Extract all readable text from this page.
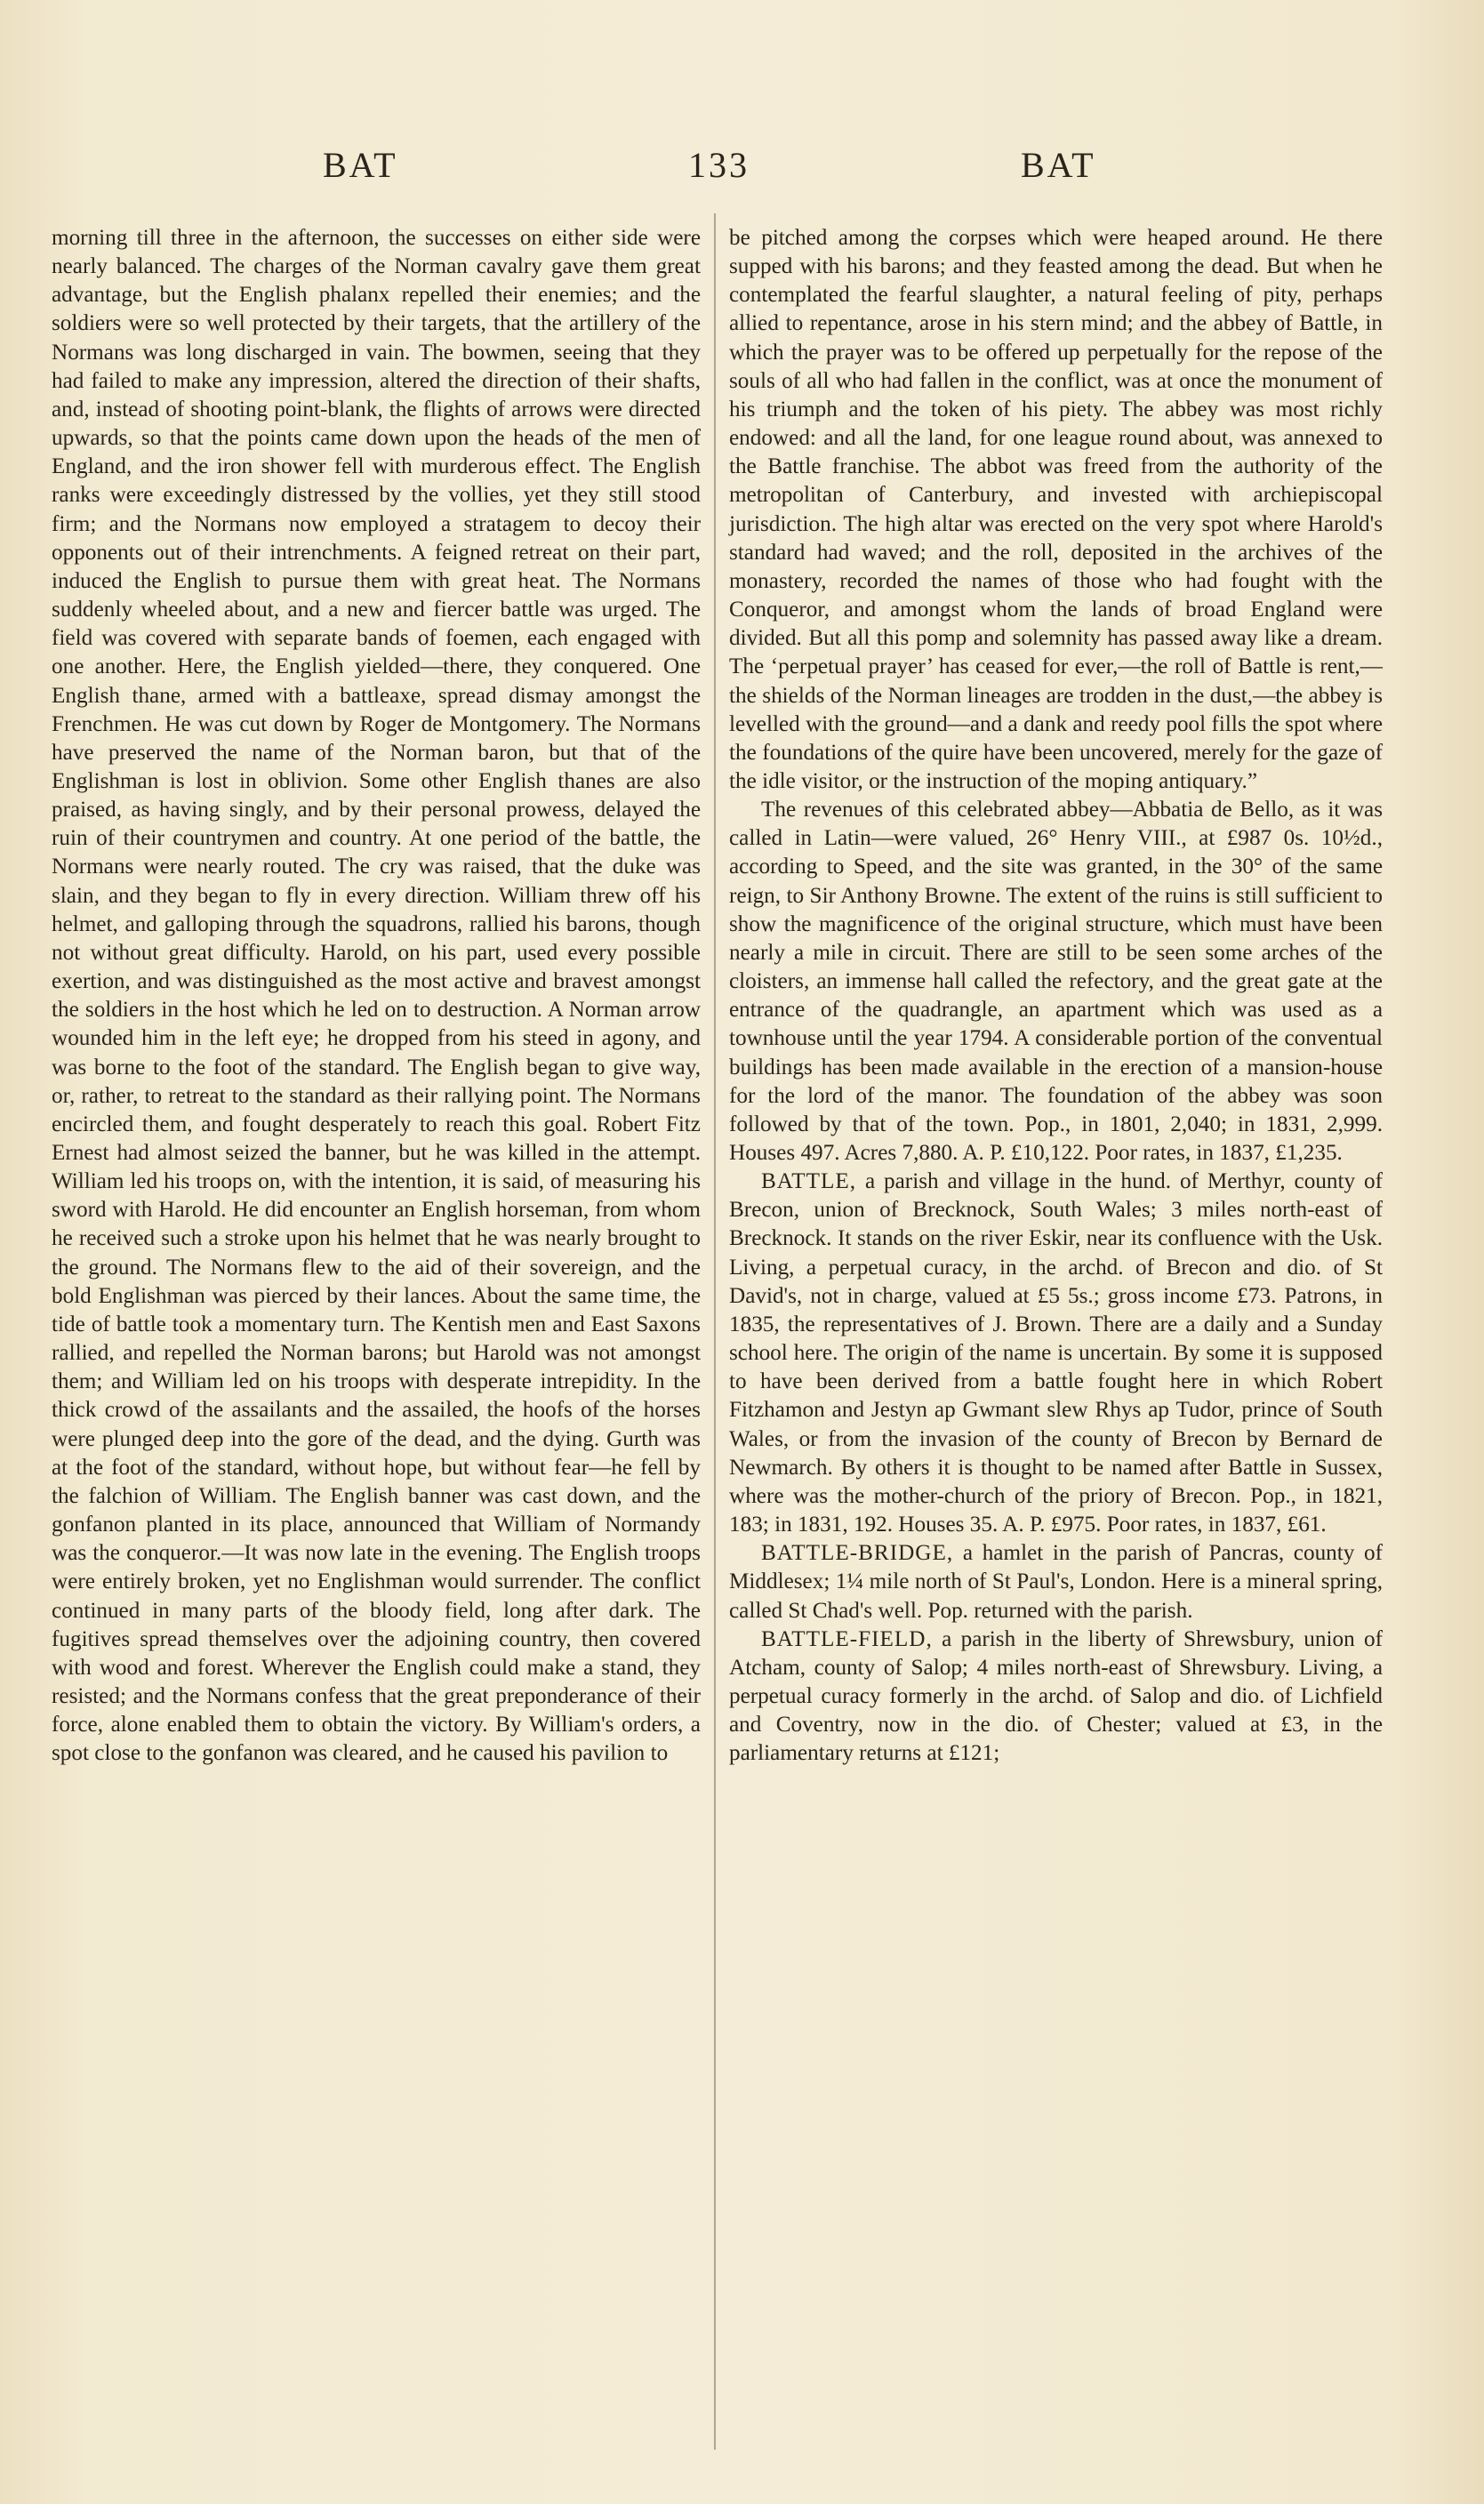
BAT	133	BAT

morning till three in the afternoon, the successes on either side were nearly balanced. The charges of the Norman cavalry gave them great advantage, but the English phalanx repelled their enemies; and the soldiers were so well protected by their targets, that the artillery of the Normans was long discharged in vain. The bowmen, seeing that they had failed to make any impression, altered the direction of their shafts, and, instead of shooting point-blank, the flights of arrows were directed upwards, so that the points came down upon the heads of the men of England, and the iron shower fell with murderous effect. The English ranks were exceedingly distressed by the vollies, yet they still stood firm; and the Normans now employed a stratagem to decoy their opponents out of their intrenchments. A feigned retreat on their part, induced the English to pursue them with great heat. The Normans suddenly wheeled about, and a new and fiercer battle was urged. The field was covered with separate bands of foemen, each engaged with one another. Here, the English yielded—there, they conquered. One English thane, armed with a battleaxe, spread dismay amongst the Frenchmen. He was cut down by Roger de Montgomery. The Normans have preserved the name of the Norman baron, but that of the Englishman is lost in oblivion. Some other English thanes are also praised, as having singly, and by their personal prowess, delayed the ruin of their countrymen and country. At one period of the battle, the Normans were nearly routed. The cry was raised, that the duke was slain, and they began to fly in every direction. William threw off his helmet, and galloping through the squadrons, rallied his barons, though not without great difficulty. Harold, on his part, used every possible exertion, and was distinguished as the most active and bravest amongst the soldiers in the host which he led on to destruction. A Norman arrow wounded him in the left eye; he dropped from his steed in agony, and was borne to the foot of the standard. The English began to give way, or, rather, to retreat to the standard as their rallying point. The Normans encircled them, and fought desperately to reach this goal. Robert Fitz Ernest had almost seized the banner, but he was killed in the attempt. William led his troops on, with the intention, it is said, of measuring his sword with Harold. He did encounter an English horseman, from whom he received such a stroke upon his helmet that he was nearly brought to the ground. The Normans flew to the aid of their sovereign, and the bold Englishman was pierced by their lances. About the same time, the tide of battle took a momentary turn. The Kentish men and East Saxons rallied, and repelled the Norman barons; but Harold was not amongst them; and William led on his troops with desperate intrepidity. In the thick crowd of the assailants and the assailed, the hoofs of the horses were plunged deep into the gore of the dead, and the dying. Gurth was at the foot of the standard, without hope, but without fear—he fell by the falchion of William. The English banner was cast down, and the gonfanon planted in its place, announced that William of Normandy was the conqueror.—It was now late in the evening. The English troops were entirely broken, yet no Englishman would surrender. The conflict continued in many parts of the bloody field, long after dark. The fugitives spread themselves over the adjoining country, then covered with wood and forest. Wherever the English could make a stand, they resisted; and the Normans confess that the great preponderance of their force, alone enabled them to obtain the victory. By William's orders, a spot close to the gonfanon was cleared, and he caused his pavilion to

be pitched among the corpses which were heaped around. He there supped with his barons; and they feasted among the dead. But when he contemplated the fearful slaughter, a natural feeling of pity, perhaps allied to repentance, arose in his stern mind; and the abbey of Battle, in which the prayer was to be offered up perpetually for the repose of the souls of all who had fallen in the conflict, was at once the monument of his triumph and the token of his piety. The abbey was most richly endowed: and all the land, for one league round about, was annexed to the Battle franchise. The abbot was freed from the authority of the metropolitan of Canterbury, and invested with archiepiscopal jurisdiction. The high altar was erected on the very spot where Harold's standard had waved; and the roll, deposited in the archives of the monastery, recorded the names of those who had fought with the Conqueror, and amongst whom the lands of broad England were divided. But all this pomp and solemnity has passed away like a dream. The ‘perpetual prayer’ has ceased for ever,—the roll of Battle is rent,—the shields of the Norman lineages are trodden in the dust,—the abbey is levelled with the ground—and a dank and reedy pool fills the spot where the foundations of the quire have been uncovered, merely for the gaze of the idle visitor, or the instruction of the moping antiquary.”

The revenues of this celebrated abbey—Abbatia de Bello, as it was called in Latin—were valued, 26° Henry VIII., at £987 0s. 10½d., according to Speed, and the site was granted, in the 30° of the same reign, to Sir Anthony Browne. The extent of the ruins is still sufficient to show the magnificence of the original structure, which must have been nearly a mile in circuit. There are still to be seen some arches of the cloisters, an immense hall called the refectory, and the great gate at the entrance of the quadrangle, an apartment which was used as a townhouse until the year 1794. A considerable portion of the conventual buildings has been made available in the erection of a mansion-house for the lord of the manor. The foundation of the abbey was soon followed by that of the town. Pop., in 1801, 2,040; in 1831, 2,999. Houses 497. Acres 7,880. A. P. £10,122. Poor rates, in 1837, £1,235.

BATTLE, a parish and village in the hund. of Merthyr, county of Brecon, union of Brecknock, South Wales; 3 miles north-east of Brecknock. It stands on the river Eskir, near its confluence with the Usk. Living, a perpetual curacy, in the archd. of Brecon and dio. of St David's, not in charge, valued at £5 5s.; gross income £73. Patrons, in 1835, the representatives of J. Brown. There are a daily and a Sunday school here. The origin of the name is uncertain. By some it is supposed to have been derived from a battle fought here in which Robert Fitzhamon and Jestyn ap Gwmant slew Rhys ap Tudor, prince of South Wales, or from the invasion of the county of Brecon by Bernard de Newmarch. By others it is thought to be named after Battle in Sussex, where was the mother-church of the priory of Brecon. Pop., in 1821, 183; in 1831, 192. Houses 35. A. P. £975. Poor rates, in 1837, £61.

BATTLE-BRIDGE, a hamlet in the parish of Pancras, county of Middlesex; 1¼ mile north of St Paul's, London. Here is a mineral spring, called St Chad's well. Pop. returned with the parish.

BATTLE-FIELD, a parish in the liberty of Shrewsbury, union of Atcham, county of Salop; 4 miles north-east of Shrewsbury. Living, a perpetual curacy formerly in the archd. of Salop and dio. of Lichfield and Coventry, now in the dio. of Chester; valued at £3, in the parliamentary returns at £121;
